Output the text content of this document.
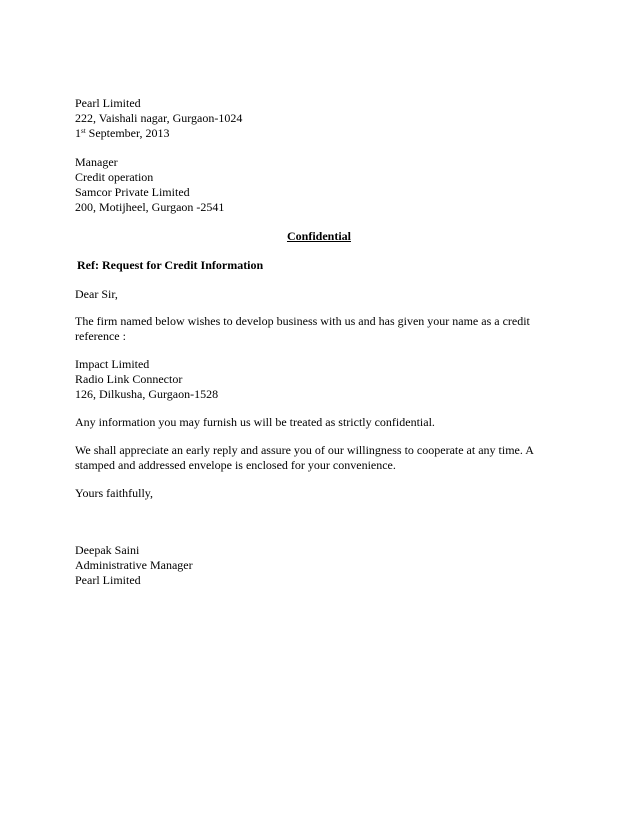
Pearl Limited
222, Vaishali nagar, Gurgaon-1024
1st September, 2013
Manager
Credit operation
Samcor Private Limited
200, Motijheel, Gurgaon -2541
Confidential
Ref: Request for Credit Information
Dear Sir,
The firm named below wishes to develop business with us and has given your name as a credit reference :
Impact Limited
Radio Link Connector
126, Dilkusha, Gurgaon-1528
Any information you may furnish us will be treated as strictly confidential.
We shall appreciate an early reply and assure you of our willingness to cooperate at any time. A stamped and addressed envelope is enclosed for your convenience.
Yours faithfully,
Deepak Saini
Administrative Manager
Pearl Limited
